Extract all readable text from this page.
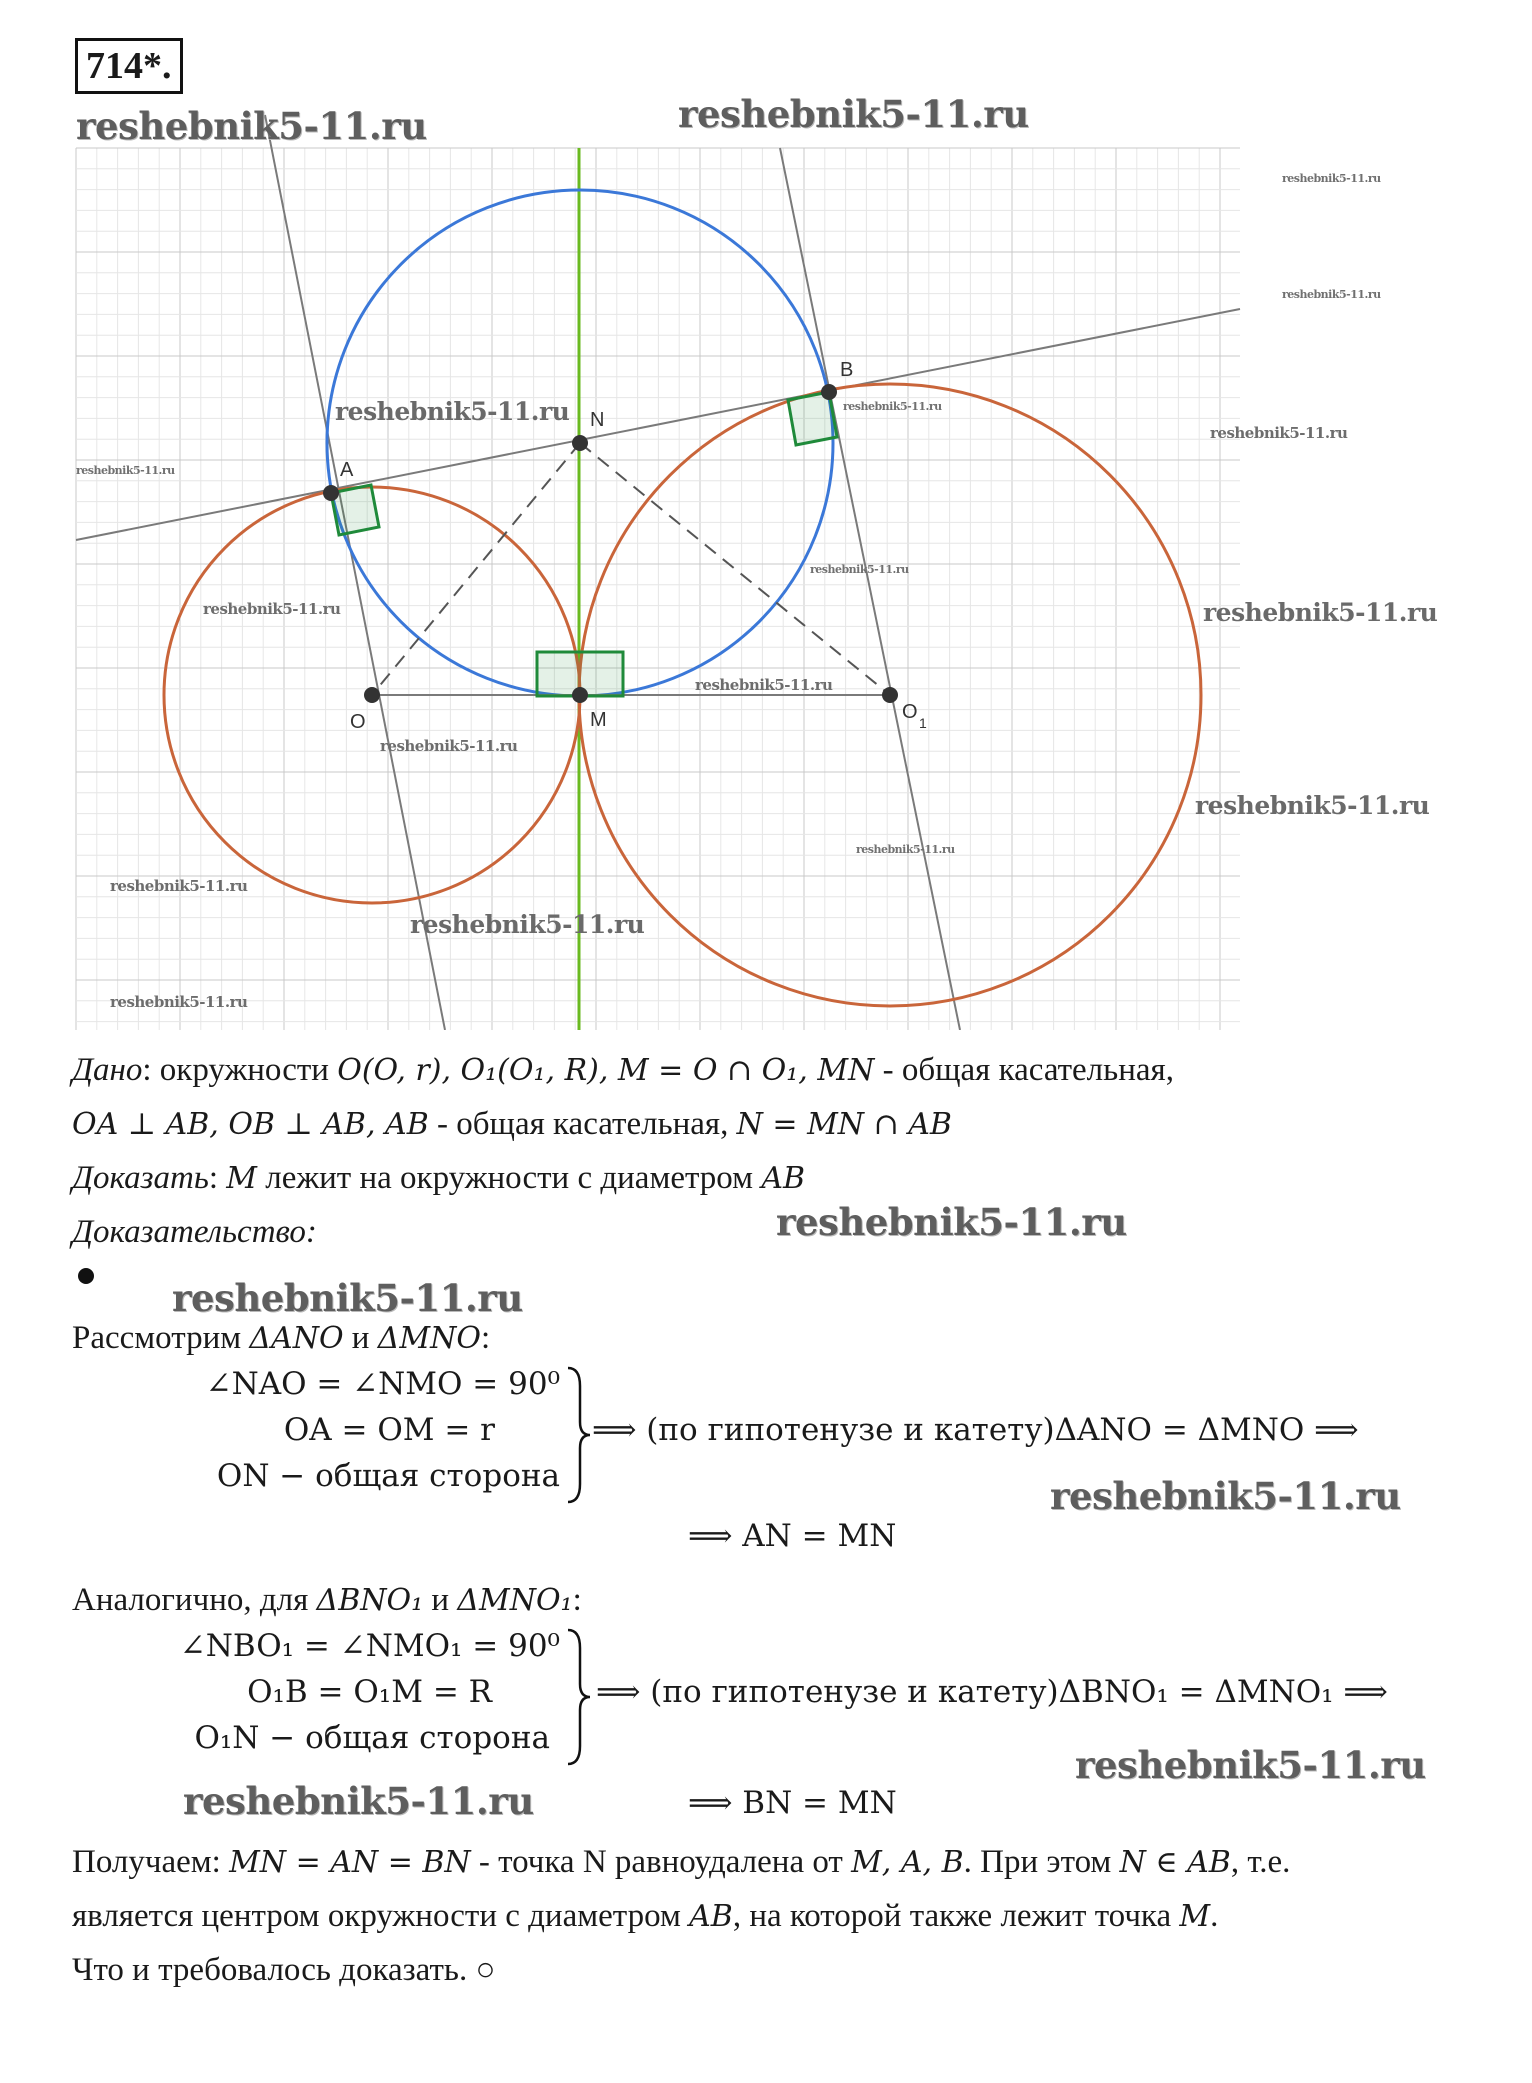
714*.
A
B
N
O	M	O 1
reshebnik5-11.ru	reshebnik5-11.ru
reshebnik5-11.ru
reshebnik5-11.ru
reshebnik5-11.ru	reshebnik5-11.ru
reshebnik5-11.ru
reshebnik5-11.ru
reshebnik5-11.ru
reshebnik5-11.ru	reshebnik5-11.ru
reshebnik5-11.ru
reshebnik5-11.ru
reshebnik5-11.ru
reshebnik5-11.ru
reshebnik5-11.ru
reshebnik5-11.ru
reshebnik5-11.ru
reshebnik5-11.ru
reshebnik5-11.ru
reshebnik5-11.ru
reshebnik5-11.ru
reshebnik5-11.ru
Дано: окружности O(O, r), O₁(O₁, R), M = O ∩ O₁, MN - общая касательная,
OA ⊥ AB, OB ⊥ AB, AB - общая касательная, N = MN ∩ AB
Доказать: M лежит на окружности с диаметром AB
Доказательство:
Рассмотрим ΔANO и ΔMNO:
∠NAO = ∠NMO = 90⁰
OA = OM = r
ON − общая сторона
⟹ (по гипотенузе и катету)ΔANO = ΔMNO ⟹
⟹ AN = MN
Аналогично, для ΔBNO₁ и ΔMNO₁:
∠NBO₁ = ∠NMO₁ = 90⁰
O₁B = O₁M = R
O₁N − общая сторона
⟹ (по гипотенузе и катету)ΔBNO₁ = ΔMNO₁ ⟹
⟹ BN = MN
Получаем: MN = AN = BN - точка N равноудалена от M, A, B. При этом N ∈ AB, т.е.
является центром окружности с диаметром AB, на которой также лежит точка M.
Что и требовалось доказать. ○
